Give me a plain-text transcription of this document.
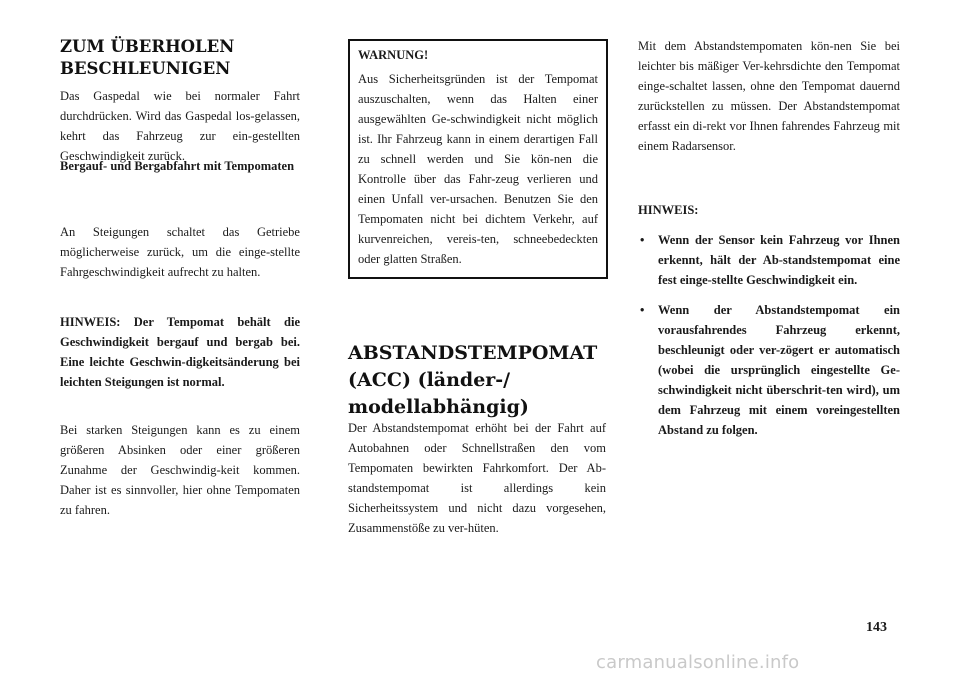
ZUM ÜBERHOLEN BESCHLEUNIGEN

Das Gaspedal wie bei normaler Fahrt durchdrücken. Wird das Gaspedal los-gelassen, kehrt das Fahrzeug zur ein-gestellten Geschwindigkeit zurück.

Bergauf- und Bergabfahrt mit Tempomaten

An Steigungen schaltet das Getriebe möglicherweise zurück, um die einge-stellte Fahrgeschwindigkeit aufrecht zu halten.

HINWEIS: Der Tempomat behält die Geschwindigkeit bergauf und bergab bei. Eine leichte Geschwin-digkeitsänderung bei leichten Steigungen ist normal.

Bei starken Steigungen kann es zu einem größeren Absinken oder einer größeren Zunahme der Geschwindig-keit kommen. Daher ist es sinnvoller, hier ohne Tempomaten zu fahren.

WARNUNG!

Aus Sicherheitsgründen ist der Tempomat auszuschalten, wenn das Halten einer ausgewählten Ge-schwindigkeit nicht möglich ist. Ihr Fahrzeug kann in einem derartigen Fall zu schnell werden und Sie kön-nen die Kontrolle über das Fahr-zeug verlieren und einen Unfall ver-ursachen. Benutzen Sie den Tempomaten nicht bei dichtem Verkehr, auf kurvenreichen, vereis-ten, schneebedeckten oder glatten Straßen.

ABSTANDSTEMPOMAT (ACC) (länder-/ modellabhängig)

Der Abstandstempomat erhöht bei der Fahrt auf Autobahnen oder Schnellstraßen den vom Tempomaten bewirkten Fahrkomfort. Der Ab-standstempomat ist allerdings kein Sicherheitssystem und nicht dazu vorgesehen, Zusammenstöße zu ver-hüten.

Mit dem Abstandstempomaten kön-nen Sie bei leichter bis mäßiger Ver-kehrsdichte den Tempomat einge-schaltet lassen, ohne den Tempomat dauernd zurückstellen zu müssen. Der Abstandstempomat erfasst ein di-rekt vor Ihnen fahrendes Fahrzeug mit einem Radarsensor.

HINWEIS:

• Wenn der Sensor kein Fahrzeug vor Ihnen erkennt, hält der Ab-standstempomat eine fest einge-stellte Geschwindigkeit ein.
• Wenn der Abstandstempomat ein vorausfahrendes Fahrzeug erkennt, beschleunigt oder ver-zögert er automatisch (wobei die ursprünglich eingestellte Ge-schwindigkeit nicht überschrit-ten wird), um dem Fahrzeug mit einem voreingestellten Abstand zu folgen.
143
carmanualsonline.info
